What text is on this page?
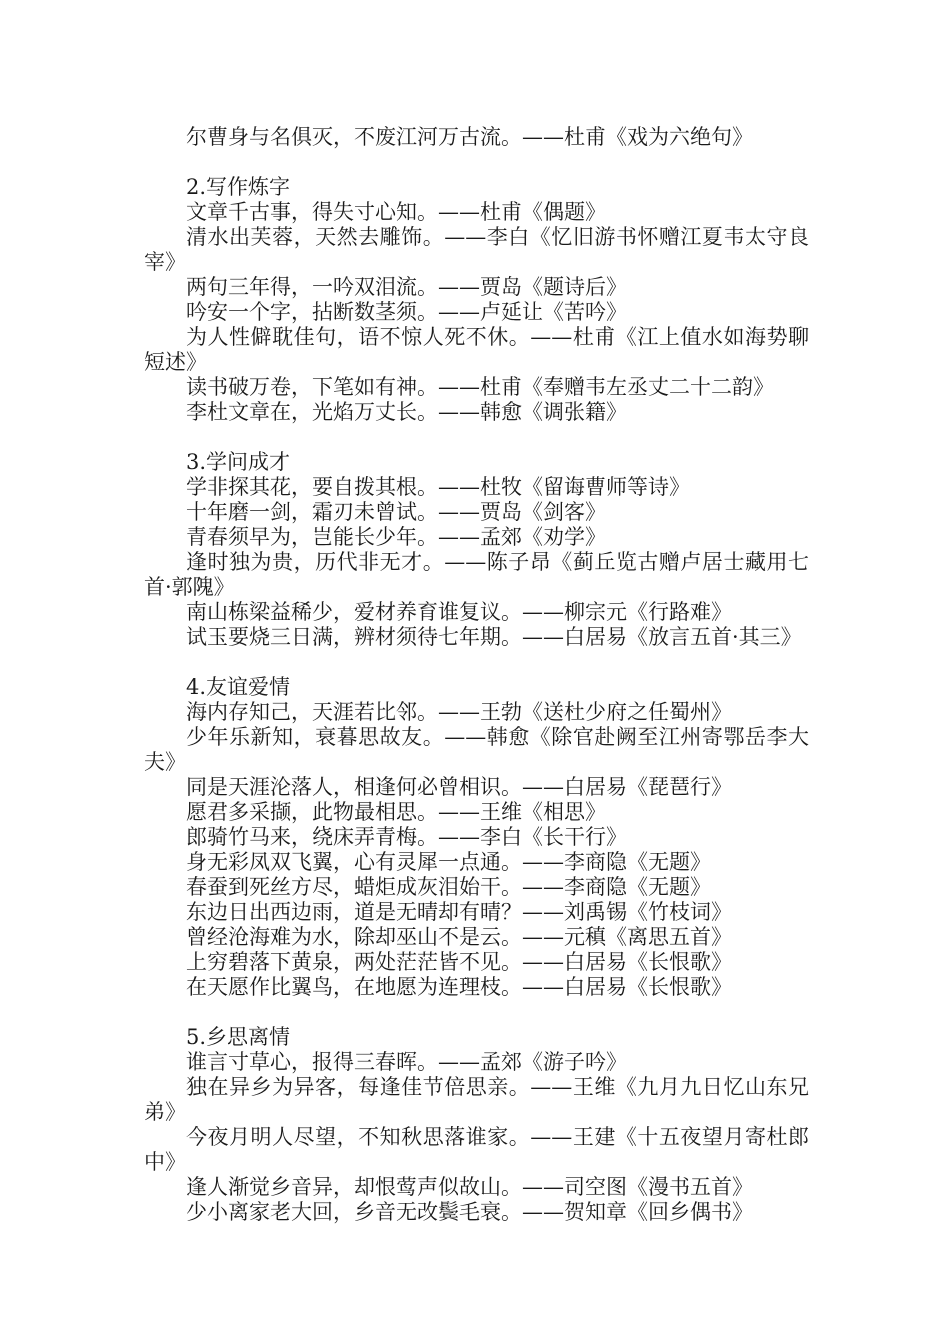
尔曹身与名俱灭，不废江河万古流。——杜甫《戏为六绝句》

2.写作炼字

文章千古事，得失寸心知。——杜甫《偶题》

清水出芙蓉，天然去雕饰。——李白《忆旧游书怀赠江夏韦太守良宰》

两句三年得，一吟双泪流。——贾岛《题诗后》

吟安一个字，拈断数茎须。——卢延让《苦吟》

为人性僻耽佳句，语不惊人死不休。——杜甫《江上值水如海势聊短述》

读书破万卷，下笔如有神。——杜甫《奉赠韦左丞丈二十二韵》

李杜文章在，光焰万丈长。——韩愈《调张籍》

3.学问成才

学非探其花，要自拨其根。——杜牧《留诲曹师等诗》

十年磨一剑，霜刃未曾试。——贾岛《剑客》

青春须早为，岂能长少年。——孟郊《劝学》

逢时独为贵，历代非无才。——陈子昂《蓟丘览古赠卢居士藏用七首·郭隗》

南山栋梁益稀少，爱材养育谁复议。——柳宗元《行路难》

试玉要烧三日满，辨材须待七年期。——白居易《放言五首·其三》

4.友谊爱情

海内存知己，天涯若比邻。——王勃《送杜少府之任蜀州》

少年乐新知，衰暮思故友。——韩愈《除官赴阙至江州寄鄂岳李大夫》

同是天涯沦落人，相逢何必曾相识。——白居易《琵琶行》

愿君多采撷，此物最相思。——王维《相思》

郎骑竹马来，绕床弄青梅。——李白《长干行》

身无彩凤双飞翼，心有灵犀一点通。——李商隐《无题》

春蚕到死丝方尽，蜡炬成灰泪始干。——李商隐《无题》

东边日出西边雨，道是无晴却有晴？——刘禹锡《竹枝词》

曾经沧海难为水，除却巫山不是云。——元稹《离思五首》

上穷碧落下黄泉，两处茫茫皆不见。——白居易《长恨歌》

在天愿作比翼鸟，在地愿为连理枝。——白居易《长恨歌》

5.乡思离情

谁言寸草心，报得三春晖。——孟郊《游子吟》

独在异乡为异客，每逢佳节倍思亲。——王维《九月九日忆山东兄弟》

今夜月明人尽望，不知秋思落谁家。——王建《十五夜望月寄杜郎中》

逢人渐觉乡音异，却恨莺声似故山。——司空图《漫书五首》

少小离家老大回，乡音无改鬓毛衰。——贺知章《回乡偶书》
